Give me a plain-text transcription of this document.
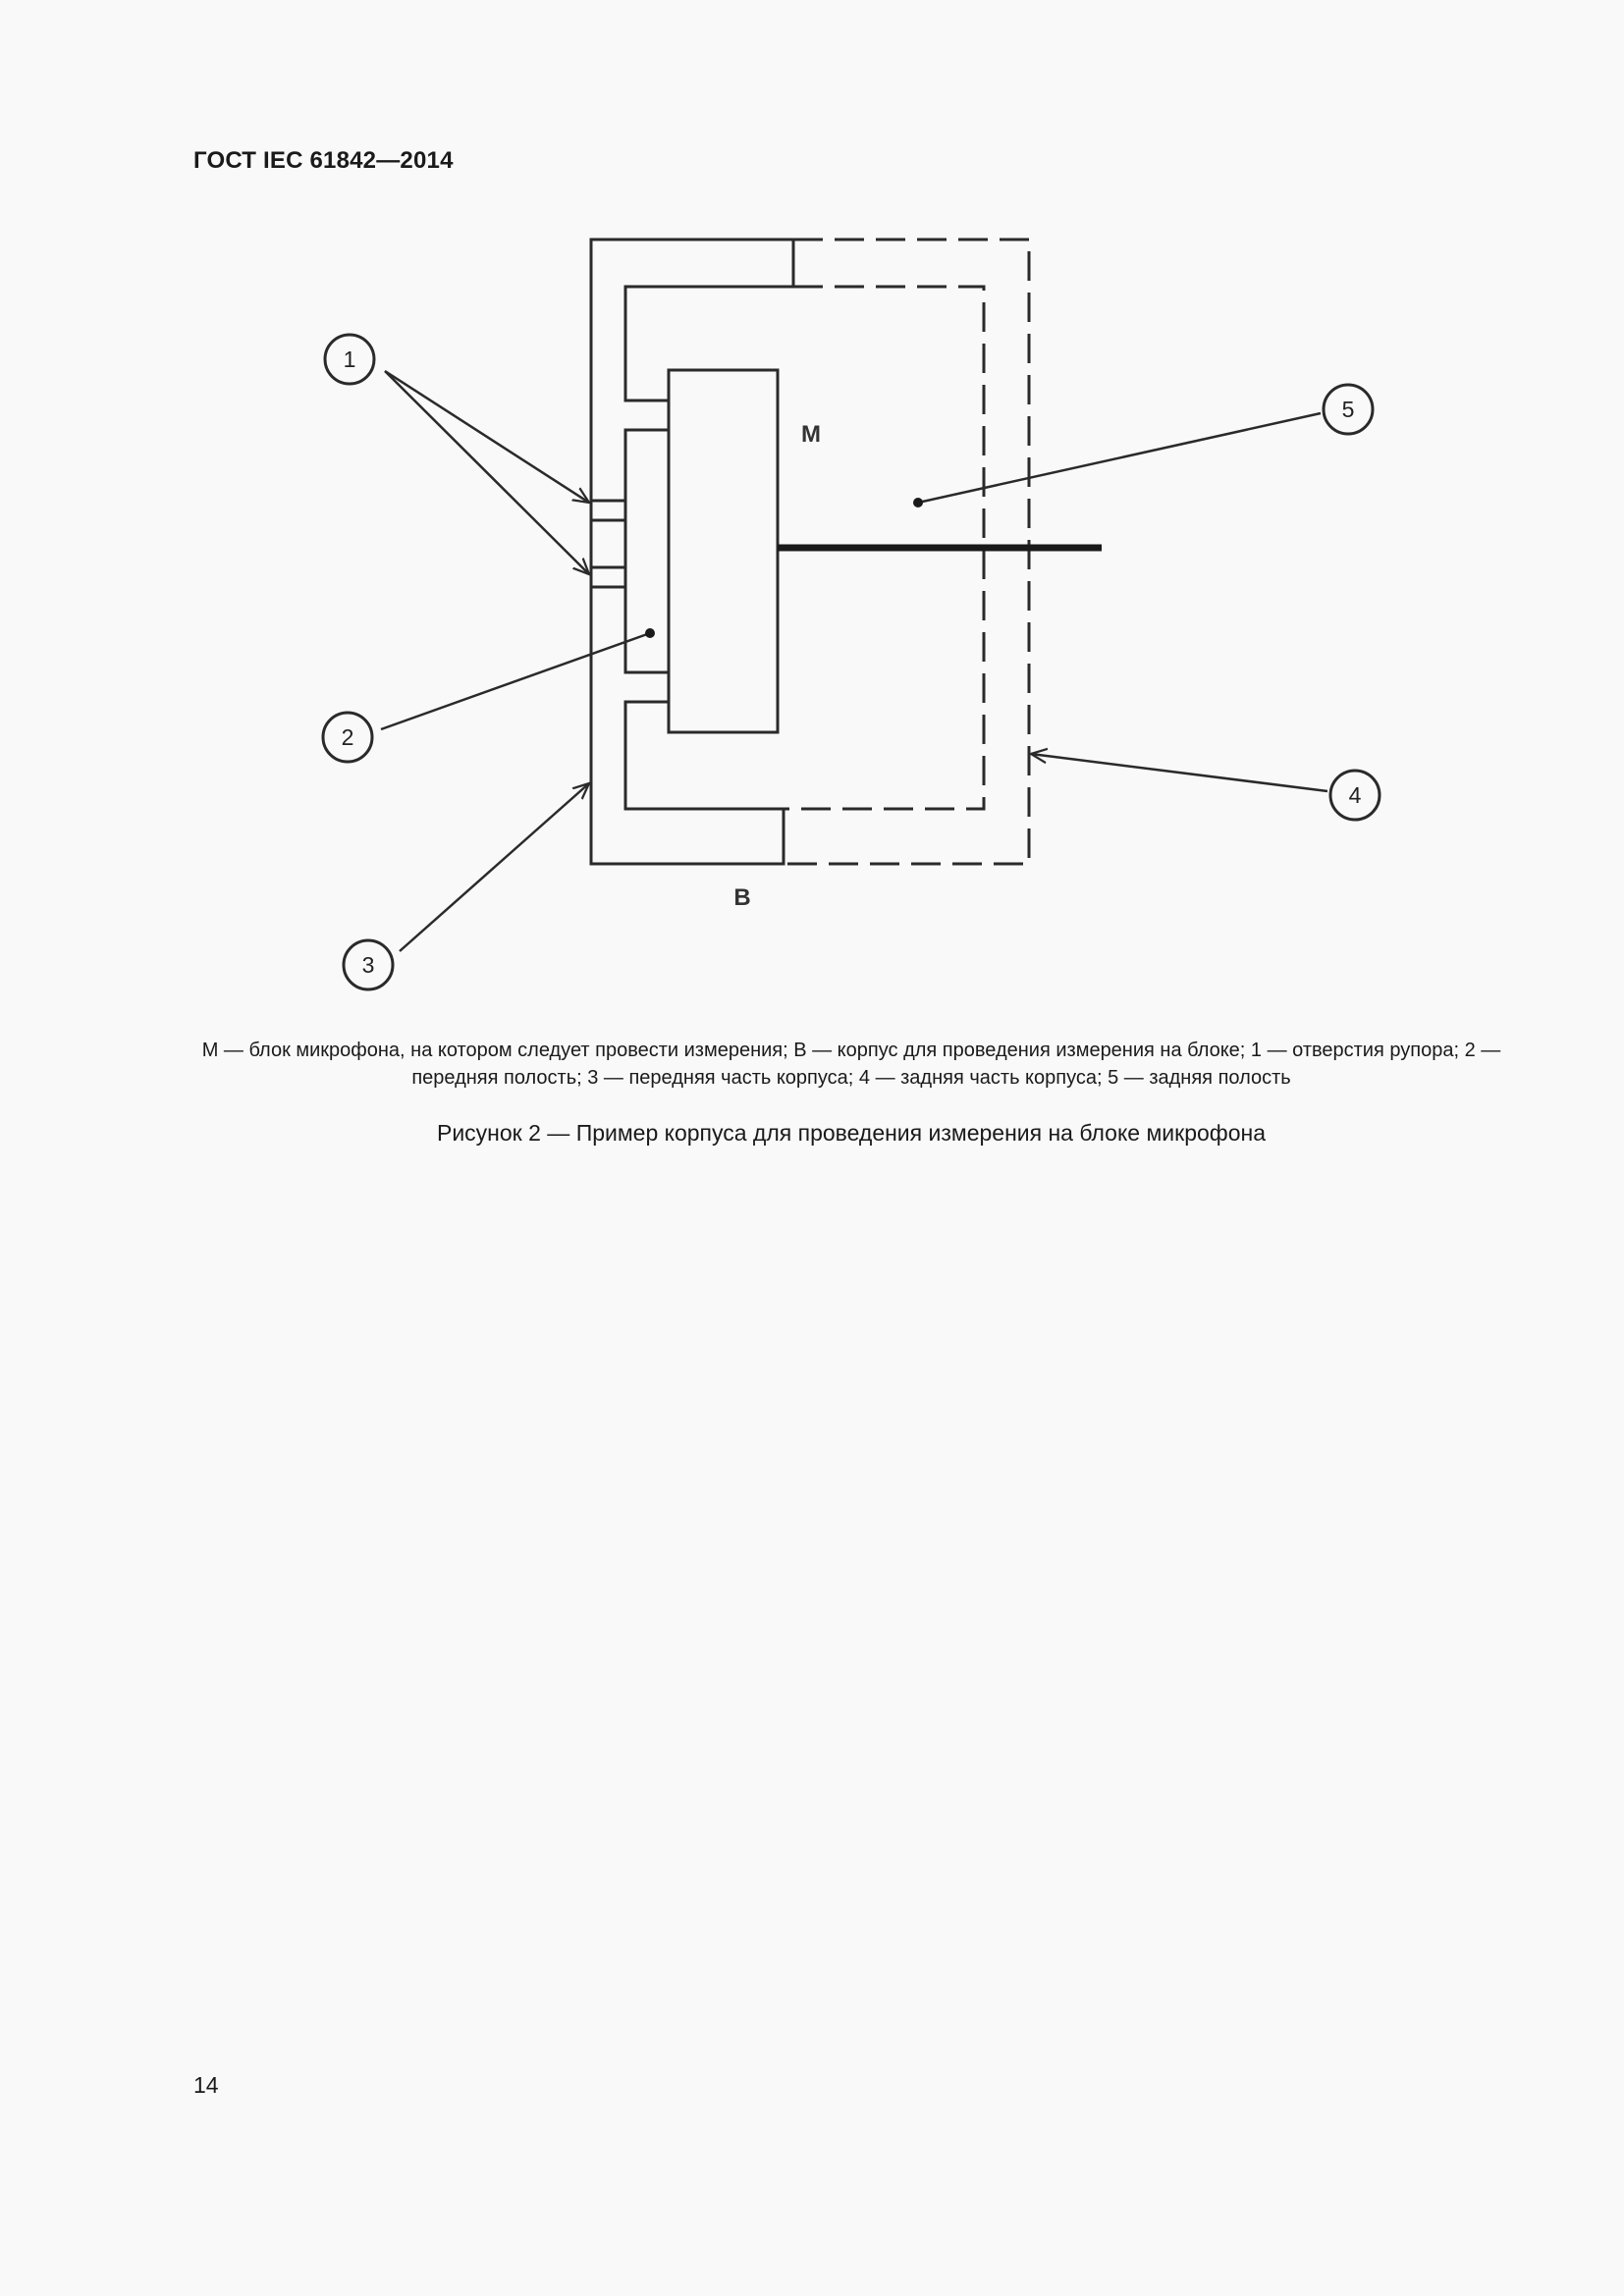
ГОСТ IEC 61842—2014
М
В
1
2
3
4
5
М — блок микрофона, на котором следует провести измерения; В — корпус для проведения измерения на блоке; 1 — отверстия рупора; 2 — передняя полость; 3 — передняя часть корпуса; 4 — задняя часть корпуса; 5 — задняя полость
Рисунок 2 — Пример корпуса для проведения измерения на блоке микрофона
14
